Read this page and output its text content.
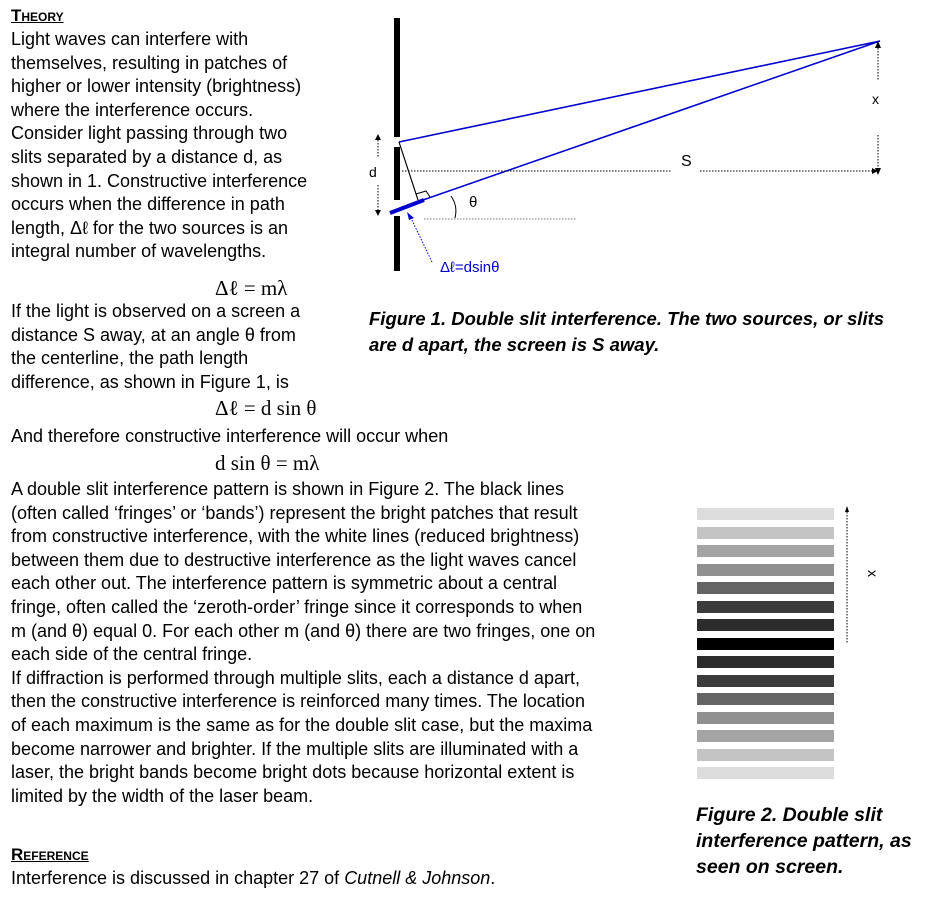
Theory
Light waves can interfere with
themselves, resulting in patches of
higher or lower intensity (brightness)
where the interference occurs.
Consider light passing through two
slits separated by a distance d, as
shown in 1. Constructive interference
occurs when the difference in path
length, Δℓ for the two sources is an
integral number of wavelengths.
Δℓ = mλ
If the light is observed on a screen a
distance S away, at an angle θ from
the centerline, the path length
difference, as shown in Figure 1, is
Δℓ = d sin θ
And therefore constructive interference will occur when
d sin θ = mλ
A double slit interference pattern is shown in Figure 2. The black lines
(often called ‘fringes’ or ‘bands’) represent the bright patches that result
from constructive interference, with the white lines (reduced brightness)
between them due to destructive interference as the light waves cancel
each other out. The interference pattern is symmetric about a central
fringe, often called the ‘zeroth-order’ fringe since it corresponds to when
m (and θ) equal 0. For each other m (and θ) there are two fringes, one on
each side of the central fringe.
If diffraction is performed through multiple slits, each a distance d apart,
then the constructive interference is reinforced many times. The location
of each maximum is the same as for the double slit case, but the maxima
become narrower and brighter. If the multiple slits are illuminated with a
laser, the bright bands become bright dots because horizontal extent is
limited by the width of the laser beam.
Reference
Interference is discussed in chapter 27 of Cutnell & Johnson.
x
S
d
θ
Δℓ=dsinθ
x
Figure 1. Double slit interference. The two sources, or slits are d apart, the screen is S away.
Figure 2. Double slit interference pattern, as seen on screen.
